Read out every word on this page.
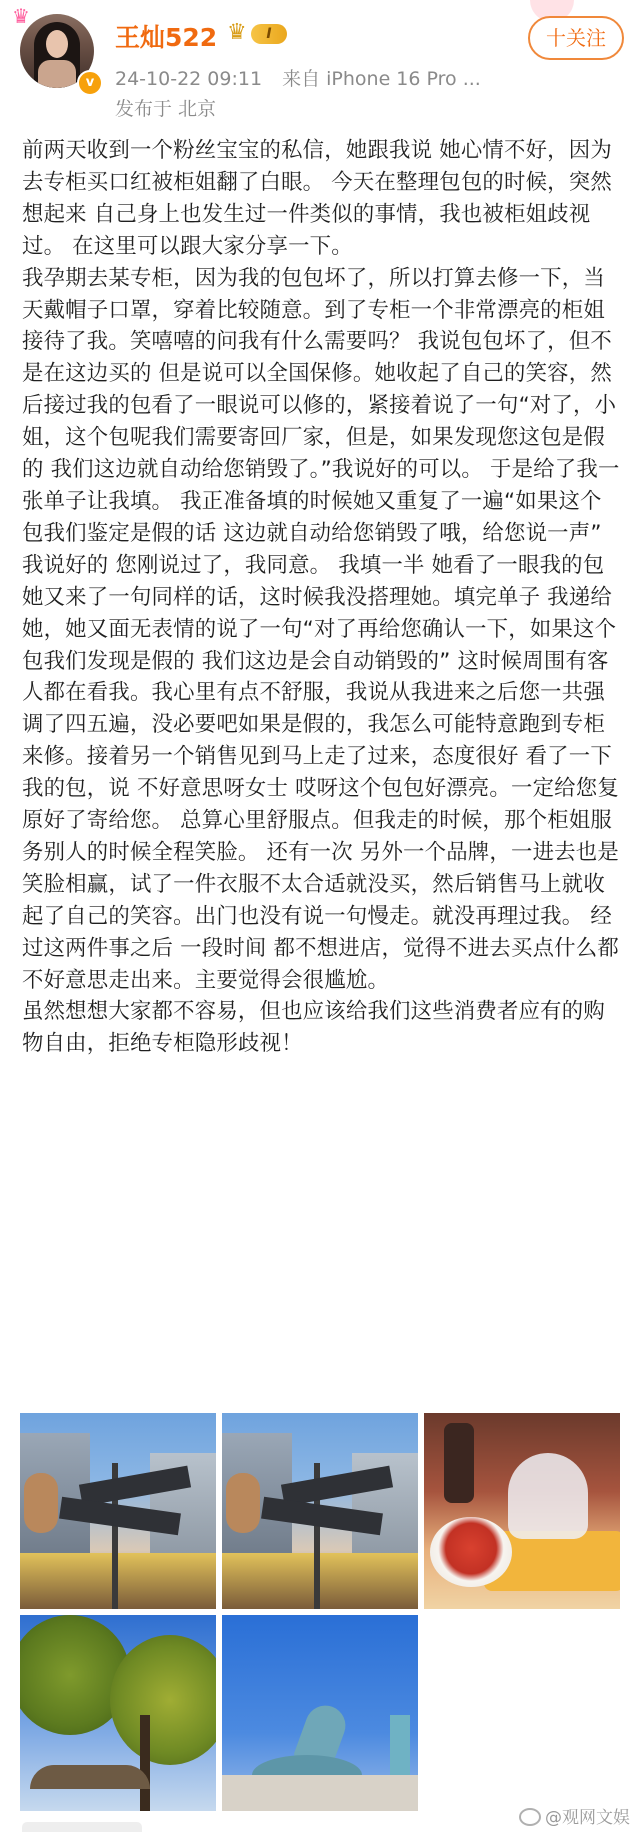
v
♛
王灿522 ♛	I
24-10-22 09:11 来自 iPhone 16 Pro ...
发布于 北京
十关注

前两天收到一个粉丝宝宝的私信，她跟我说 她心情不好，因为去专柜买口红被柜姐翻了白眼。 今天在整理包包的时候，突然想起来 自己身上也发生过一件类似的事情，我也被柜姐歧视过。 在这里可以跟大家分享一下。

我孕期去某专柜，因为我的包包坏了，所以打算去修一下，当天戴帽子口罩，穿着比较随意。到了专柜一个非常漂亮的柜姐接待了我。笑嘻嘻的问我有什么需要吗？ 我说包包坏了，但不是在这边买的 但是说可以全国保修。她收起了自己的笑容，然后接过我的包看了一眼说可以修的，紧接着说了一句“对了，小姐，这个包呢我们需要寄回厂家，但是，如果发现您这包是假的 我们这边就自动给您销毁了。”我说好的可以。 于是给了我一张单子让我填。 我正准备填的时候她又重复了一遍“如果这个包我们鉴定是假的话 这边就自动给您销毁了哦，给您说一声” 我说好的 您刚说过了，我同意。 我填一半 她看了一眼我的包 她又来了一句同样的话，这时候我没搭理她。填完单子 我递给她，她又面无表情的说了一句“对了再给您确认一下，如果这个包我们发现是假的 我们这边是会自动销毁的” 这时候周围有客人都在看我。我心里有点不舒服，我说从我进来之后您一共强调了四五遍，没必要吧如果是假的，我怎么可能特意跑到专柜来修。接着另一个销售见到马上走了过来，态度很好 看了一下我的包，说 不好意思呀女士 哎呀这个包包好漂亮。一定给您复原好了寄给您。 总算心里舒服点。但我走的时候，那个柜姐服务别人的时候全程笑脸。 还有一次 另外一个品牌，一进去也是笑脸相赢，试了一件衣服不太合适就没买，然后销售马上就收起了自己的笑容。出门也没有说一句慢走。就没再理过我。 经过这两件事之后 一段时间 都不想进店，觉得不进去买点什么都不好意思走出来。主要觉得会很尴尬。

虽然想想大家都不容易，但也应该给我们这些消费者应有的购物自由，拒绝专柜隐形歧视！

@观网文娱
